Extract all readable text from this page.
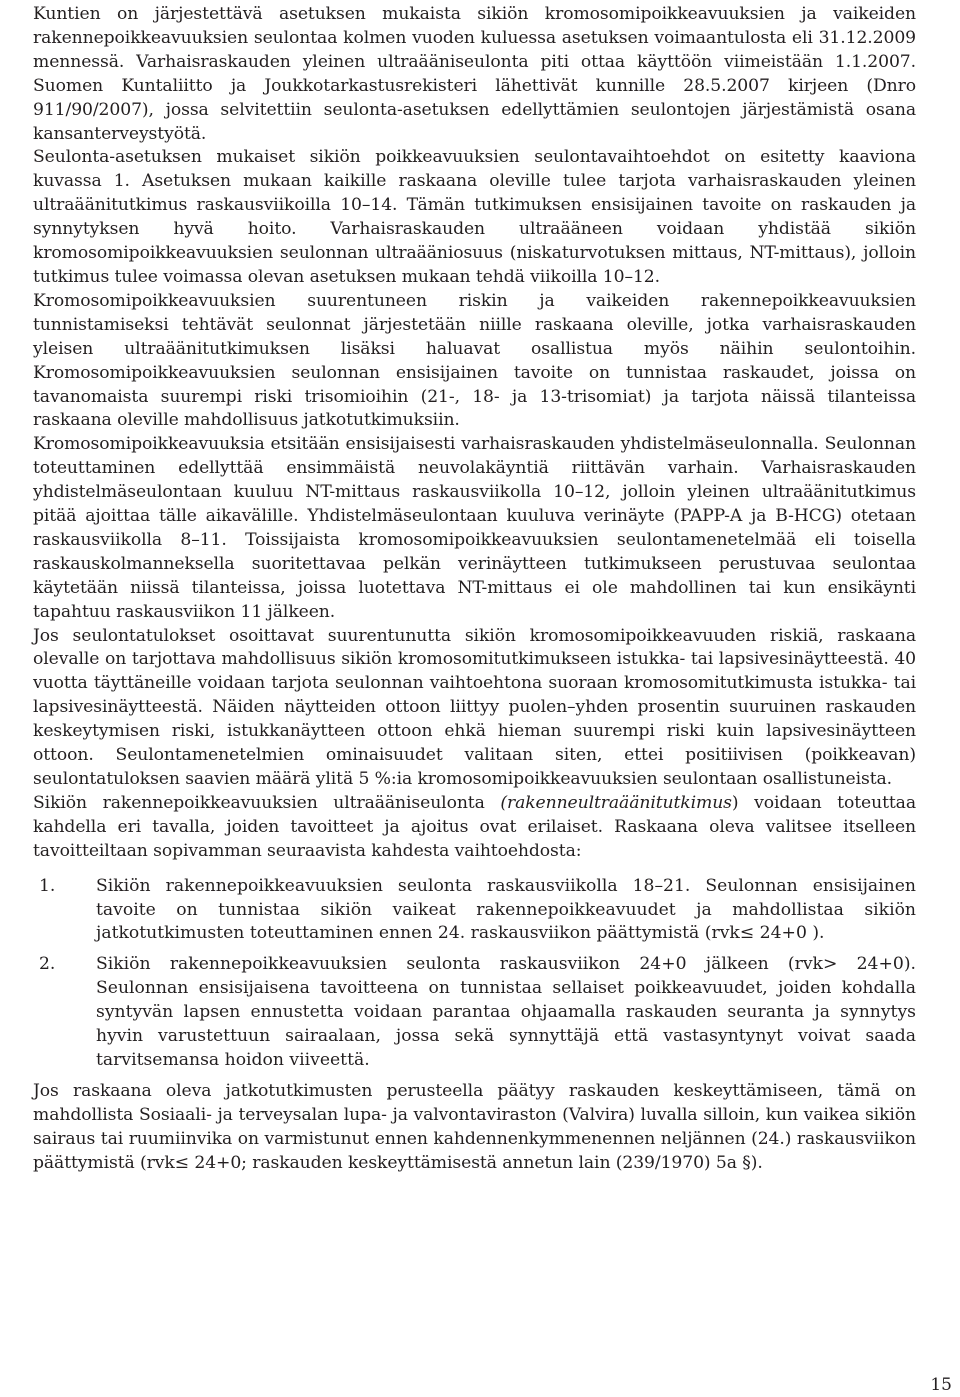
Kuntien on järjestettävä asetuksen mukaista sikiön kromosomipoikkeavuuksien ja vaikeiden rakennepoikkeavuuksien seulontaa kolmen vuoden kuluessa asetuksen voimaantulosta eli 31.12.2009 mennessä. Varhaisraskauden yleinen ultraääniseulonta piti ottaa käyttöön viimeistään 1.1.2007. Suomen Kuntaliitto ja Joukkotarkastusrekisteri lähettivät kunnille 28.5.2007 kirjeen (Dnro 911/90/2007), jossa selvitettiin seulonta-asetuksen edellyttämien seulontojen järjestämistä osana kansanterveystyötä.

Seulonta-asetuksen mukaiset sikiön poikkeavuuksien seulontavaihtoehdot on esitetty kaaviona kuvassa 1. Asetuksen mukaan kaikille raskaana oleville tulee tarjota varhaisraskauden yleinen ultraäänitutkimus raskausviikoilla 10–14. Tämän tutkimuksen ensisijainen tavoite on raskauden ja synnytyksen hyvä hoito. Varhaisraskauden ultraääneen voidaan yhdistää sikiön kromosomipoikkeavuuksien seulonnan ultraääniosuus (niskaturvotuksen mittaus, NT-mittaus), jolloin tutkimus tulee voimassa olevan asetuksen mukaan tehdä viikoilla 10–12.

Kromosomipoikkeavuuksien suurentuneen riskin ja vaikeiden rakennepoikkeavuuksien tunnistamiseksi tehtävät seulonnat järjestetään niille raskaana oleville, jotka varhaisraskauden yleisen ultraäänitutkimuksen lisäksi haluavat osallistua myös näihin seulontoihin. Kromosomipoikkeavuuksien seulonnan ensisijainen tavoite on tunnistaa raskaudet, joissa on tavanomaista suurempi riski trisomioihin (21-, 18- ja 13-trisomiat) ja tarjota näissä tilanteissa raskaana oleville mahdollisuus jatkotutkimuksiin.

Kromosomipoikkeavuuksia etsitään ensisijaisesti varhaisraskauden yhdistelmäseulonnalla. Seulonnan toteuttaminen edellyttää ensimmäistä neuvolakäyntiä riittävän varhain. Varhaisraskauden yhdistelmäseulontaan kuuluu NT-mittaus raskausviikolla 10–12, jolloin yleinen ultraäänitutkimus pitää ajoittaa tälle aikavälille. Yhdistelmäseulontaan kuuluva verinäyte (PAPP-A ja B-HCG) otetaan raskausviikolla 8–11. Toissijaista kromosomipoikkeavuuksien seulontamenetelmää eli toisella raskauskolmanneksella suoritettavaa pelkän verinäytteen tutkimukseen perustuvaa seulontaa käytetään niissä tilanteissa, joissa luotettava NT-mittaus ei ole mahdollinen tai kun ensikäynti tapahtuu raskausviikon 11 jälkeen.

Jos seulontatulokset osoittavat suurentunutta sikiön kromosomipoikkeavuuden riskiä, raskaana olevalle on tarjottava mahdollisuus sikiön kromosomitutkimukseen istukka- tai lapsivesinäytteestä. 40 vuotta täyttäneille voidaan tarjota seulonnan vaihtoehtona suoraan kromosomitutkimusta istukka- tai lapsivesinäytteestä. Näiden näytteiden ottoon liittyy puolen–yhden prosentin suuruinen raskauden keskeytymisen riski, istukkanäytteen ottoon ehkä hieman suurempi riski kuin lapsivesinäytteen ottoon. Seulontamenetelmien ominaisuudet valitaan siten, ettei positiivisen (poikkeavan) seulontatuloksen saavien määrä ylitä 5 %:ia kromosomipoikkeavuuksien seulontaan osallistuneista.

Sikiön rakennepoikkeavuuksien ultraääniseulonta (rakenneultraäänitutkimus) voidaan toteuttaa kahdella eri tavalla, joiden tavoitteet ja ajoitus ovat erilaiset. Raskaana oleva valitsee itselleen tavoitteiltaan sopivamman seuraavista kahdesta vaihtoehdosta:

1. Sikiön rakennepoikkeavuuksien seulonta raskausviikolla 18–21. Seulonnan ensisijainen tavoite on tunnistaa sikiön vaikeat rakennepoikkeavuudet ja mahdollistaa sikiön jatkotutkimusten toteuttaminen ennen 24. raskausviikon päättymistä (rvk≤ 24+0 ).
2. Sikiön rakennepoikkeavuuksien seulonta raskausviikon 24+0 jälkeen (rvk> 24+0). Seulonnan ensisijaisena tavoitteena on tunnistaa sellaiset poikkeavuudet, joiden kohdalla syntyvän lapsen ennustetta voidaan parantaa ohjaamalla raskauden seuranta ja synnytys hyvin varustettuun sairaalaan, jossa sekä synnyttäjä että vastasyntynyt voivat saada tarvitsemansa hoidon viiveettä.

Jos raskaana oleva jatkotutkimusten perusteella päätyy raskauden keskeyttämiseen, tämä on mahdollista Sosiaali- ja terveysalan lupa- ja valvontaviraston (Valvira) luvalla silloin, kun vaikea sikiön sairaus tai ruumiinvika on varmistunut ennen kahdennenkymmenennen neljännen (24.) raskausviikon päättymistä (rvk≤ 24+0; raskauden keskeyttämisestä annetun lain (239/1970) 5a §).

15
